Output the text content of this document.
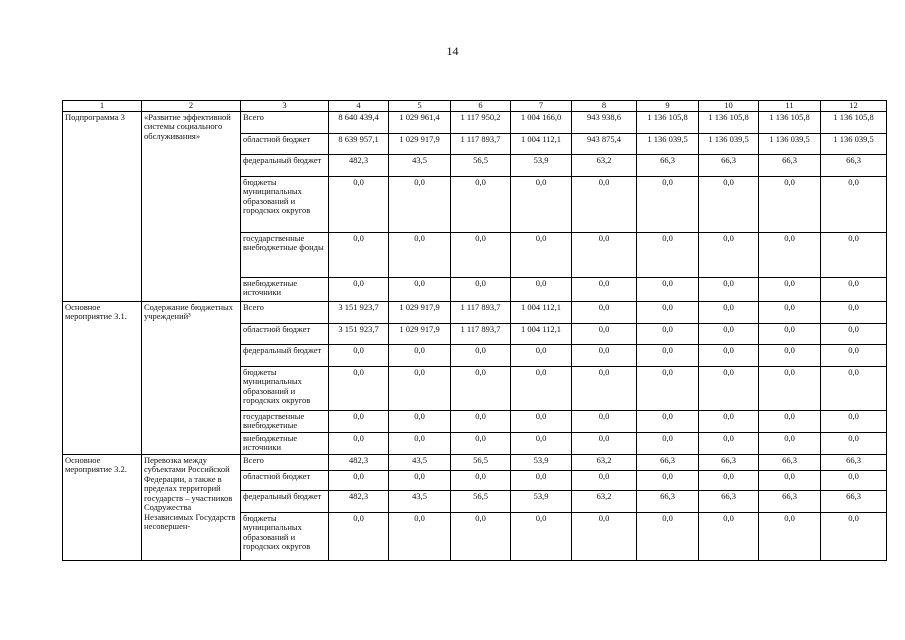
14
1	2	3	4	5	6	7	8	9	10	11	12
Подпрограмма 3	«Развитие эффективной системы социального обслуживания»	Всего	8 640 439,4	1 029 961,4	1 117 950,2	1 004 166,0	943 938,6	1 136 105,8	1 136 105,8	1 136 105,8	1 136 105,8
		областной бюджет	8 639 957,1	1 029 917,9	1 117 893,7	1 004 112,1	943 875,4	1 136 039,5	1 136 039,5	1 136 039,5	1 136 039,5
		федеральный бюджет	482,3	43,5	56,5	53,9	63,2	66,3	66,3	66,3	66,3
		бюджеты муниципальных образований и городских округов	0,0	0,0	0,0	0,0	0,0	0,0	0,0	0,0	0,0
		государственные внебюджетные фонды	0,0	0,0	0,0	0,0	0,0	0,0	0,0	0,0	0,0
		внебюджетные источники	0,0	0,0	0,0	0,0	0,0	0,0	0,0	0,0	0,0
Основное мероприятие 3.1.	Содержание бюджетных учреждений³	Всего	3 151 923,7	1 029 917,9	1 117 893,7	1 004 112,1	0,0	0,0	0,0	0,0	0,0
		областной бюджет	3 151 923,7	1 029 917,9	1 117 893,7	1 004 112,1	0,0	0,0	0,0	0,0	0,0
		федеральный бюджет	0,0	0,0	0,0	0,0	0,0	0,0	0,0	0,0	0,0
		бюджеты муниципальных образований и городских округов	0,0	0,0	0,0	0,0	0,0	0,0	0,0	0,0	0,0
		государственные внебюджетные	0,0	0,0	0,0	0,0	0,0	0,0	0,0	0,0	0,0
		внебюджетные источники	0,0	0,0	0,0	0,0	0,0	0,0	0,0	0,0	0,0
Основное мероприятие 3.2.	Перевозка между субъектами Российской Федерации, а также в пределах территорий государств – участников Содружества Независимых Государств несовершен-	Всего	482,3	43,5	56,5	53,9	63,2	66,3	66,3	66,3	66,3
		областной бюджет	0,0	0,0	0,0	0,0	0,0	0,0	0,0	0,0	0,0
		федеральный бюджет	482,3	43,5	56,5	53,9	63,2	66,3	66,3	66,3	66,3
		бюджеты муниципальных образований и городских округов	0,0	0,0	0,0	0,0	0,0	0,0	0,0	0,0	0,0
